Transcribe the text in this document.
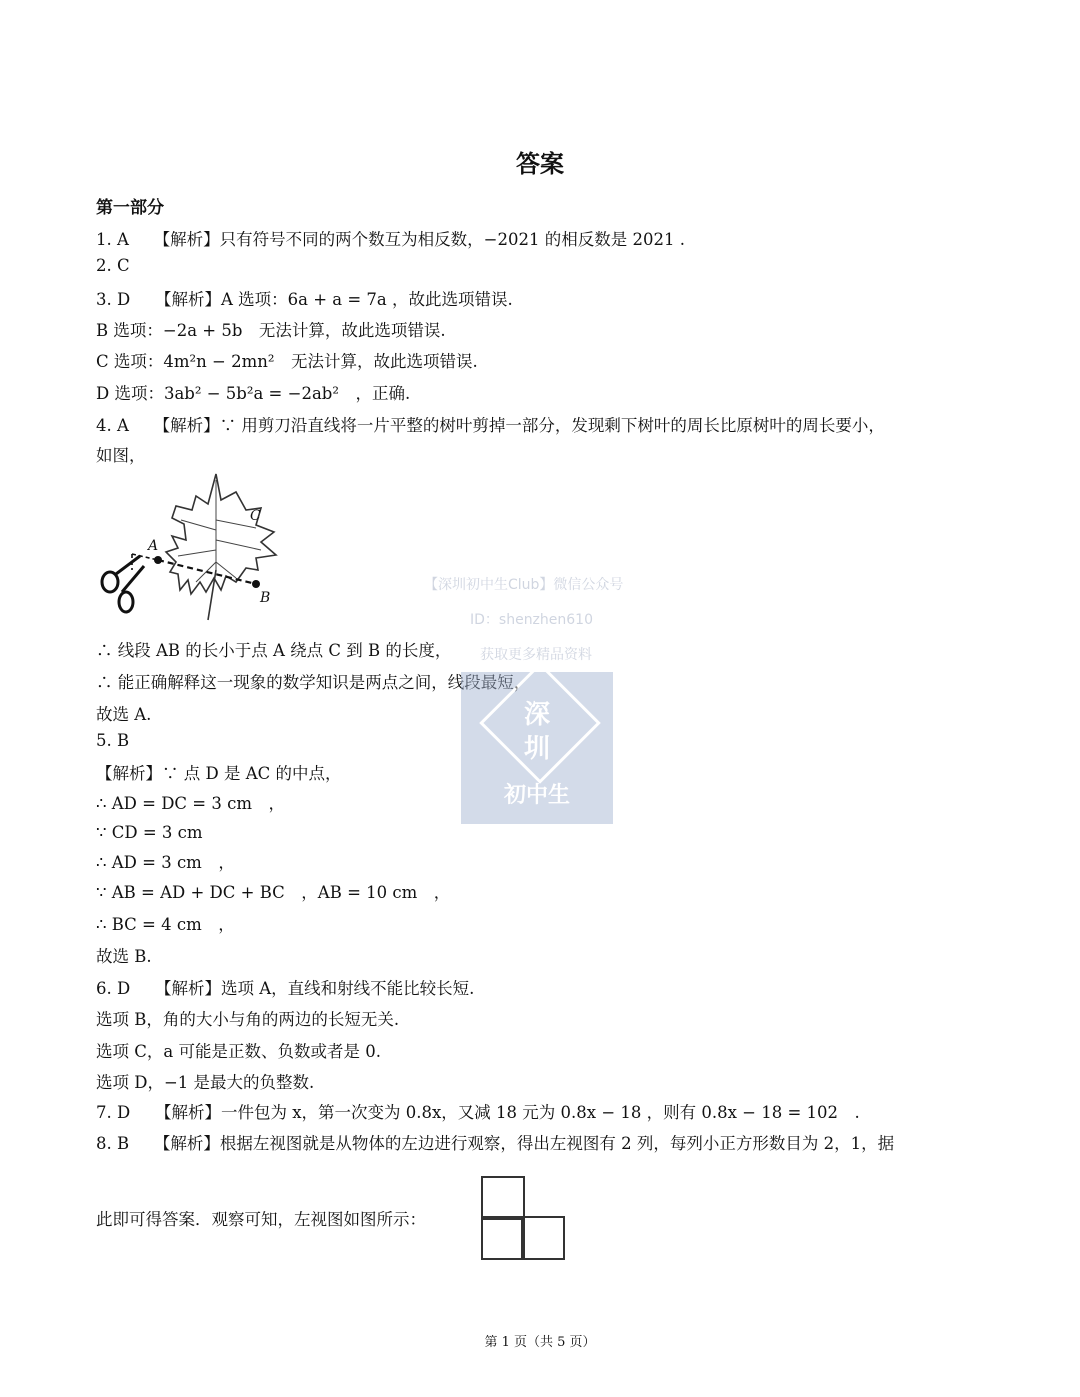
答案
第一部分
1. A　　【解析】只有符号不同的两个数互为相反数，−2021 的相反数是 2021 .
2. C
3. D　　【解析】A 选项：6a + a = 7a ，故此选项错误.
B 选项：−2a + 5b　无法计算，故此选项错误.
C 选项：4m²n − 2mn²　无法计算，故此选项错误.
D 选项：3ab² − 5b²a = −2ab²　，正确.
4. A　　【解析】∵ 用剪刀沿直线将一片平整的树叶剪掉一部分，发现剩下树叶的周长比原树叶的周长要小，
如图，
A
B
C
∴ 线段 AB 的长小于点 A 绕点 C 到 B 的长度，
∴ 能正确解释这一现象的数学知识是两点之间，线段最短，
故选 A.
5. B
【解析】∵ 点 D 是 AC 的中点，
∴ AD = DC = 3 cm　，
∵ CD = 3 cm
∴ AD = 3 cm　，
∵ AB = AD + DC + BC　，AB = 10 cm　，
∴ BC = 4 cm　，
故选 B.
6. D　　【解析】选项 A，直线和射线不能比较长短.
选项 B，角的大小与角的两边的长短无关.
选项 C，a 可能是正数、负数或者是 0.
选项 D，−1 是最大的负整数.
7. D　　【解析】一件包为 x，第一次变为 0.8x，又减 18 元为 0.8x − 18 ，则有 0.8x − 18 = 102　.
8. B　　【解析】根据左视图就是从物体的左边进行观察，得出左视图有 2 列，每列小正方形数目为 2，1，据
此即可得答案．观察可知，左视图如图所示：
【深圳初中生Club】微信公众号
ID：shenzhen610
获取更多精品资料
深
圳
初中生
第 1 页（共 5 页）
